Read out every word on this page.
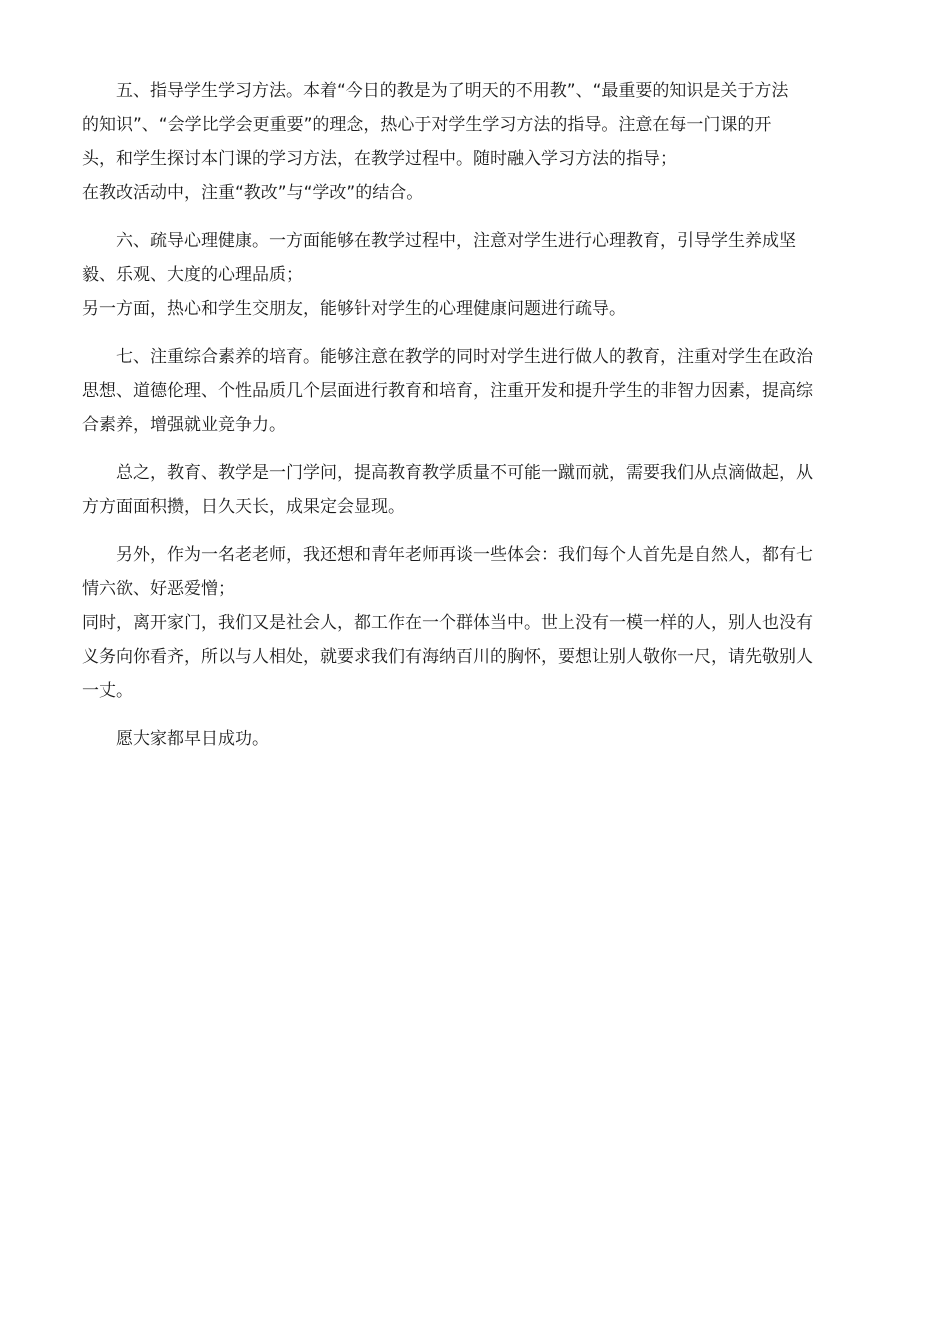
五、指导学生学习方法。本着“今日的教是为了明天的不用教”、“最重要的知识是关于方法
的知识”、“会学比学会更重要”的理念，热心于对学生学习方法的指导。注意在每一门课的开
头，和学生探讨本门课的学习方法，在教学过程中。随时融入学习方法的指导；
在教改活动中，注重“教改”与“学改”的结合。
六、疏导心理健康。一方面能够在教学过程中，注意对学生进行心理教育，引导学生养成坚
毅、乐观、大度的心理品质；
另一方面，热心和学生交朋友，能够针对学生的心理健康问题进行疏导。
七、注重综合素养的培育。能够注意在教学的同时对学生进行做人的教育，注重对学生在政治
思想、道德伦理、个性品质几个层面进行教育和培育，注重开发和提升学生的非智力因素，提高综
合素养，增强就业竞争力。
总之，教育、教学是一门学问，提高教育教学质量不可能一蹴而就，需要我们从点滴做起，从
方方面面积攒，日久天长，成果定会显现。
另外，作为一名老老师，我还想和青年老师再谈一些体会：我们每个人首先是自然人，都有七
情六欲、好恶爱憎；
同时，离开家门，我们又是社会人，都工作在一个群体当中。世上没有一模一样的人，别人也没有
义务向你看齐，所以与人相处，就要求我们有海纳百川的胸怀，要想让别人敬你一尺，请先敬别人
一丈。
愿大家都早日成功。
